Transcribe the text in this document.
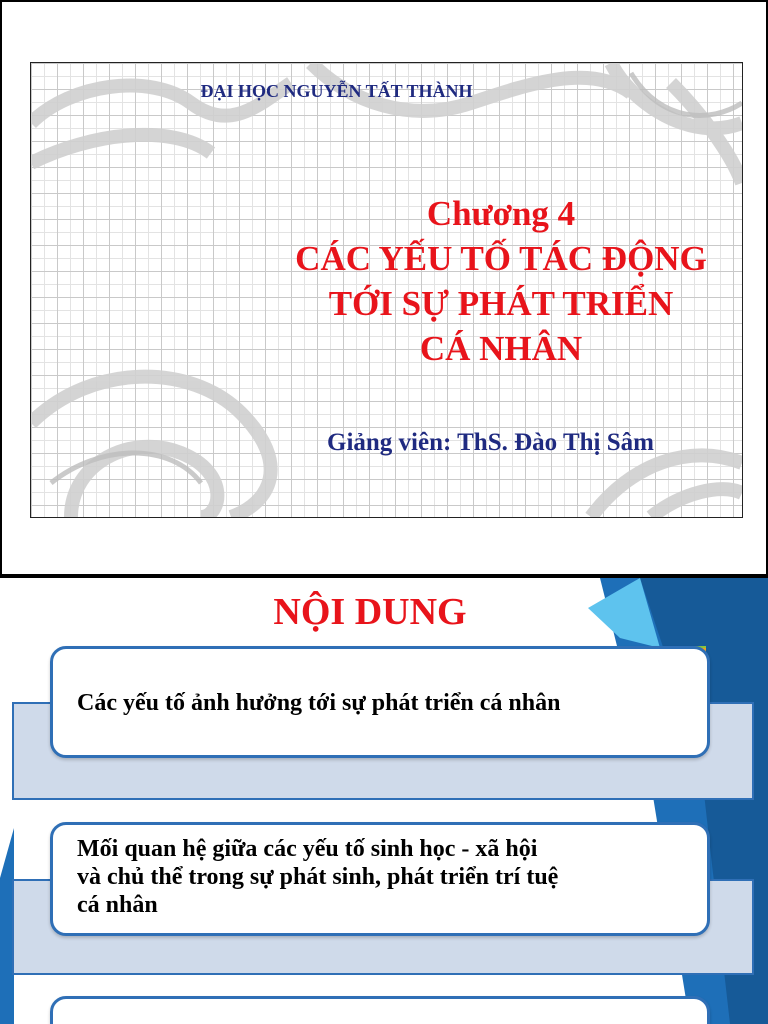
ĐẠI HỌC NGUYỄN TẤT THÀNH
Chương 4
CÁC YẾU TỐ TÁC ĐỘNG
TỚI SỰ PHÁT TRIỂN
CÁ NHÂN
Giảng viên: ThS. Đào Thị Sâm
NỘI DUNG
Các yếu tố ảnh hưởng tới sự phát triển cá nhân
Mối quan hệ giữa các yếu tố sinh học - xã hội
và chủ thể trong sự phát sinh, phát triển trí tuệ
cá nhân
